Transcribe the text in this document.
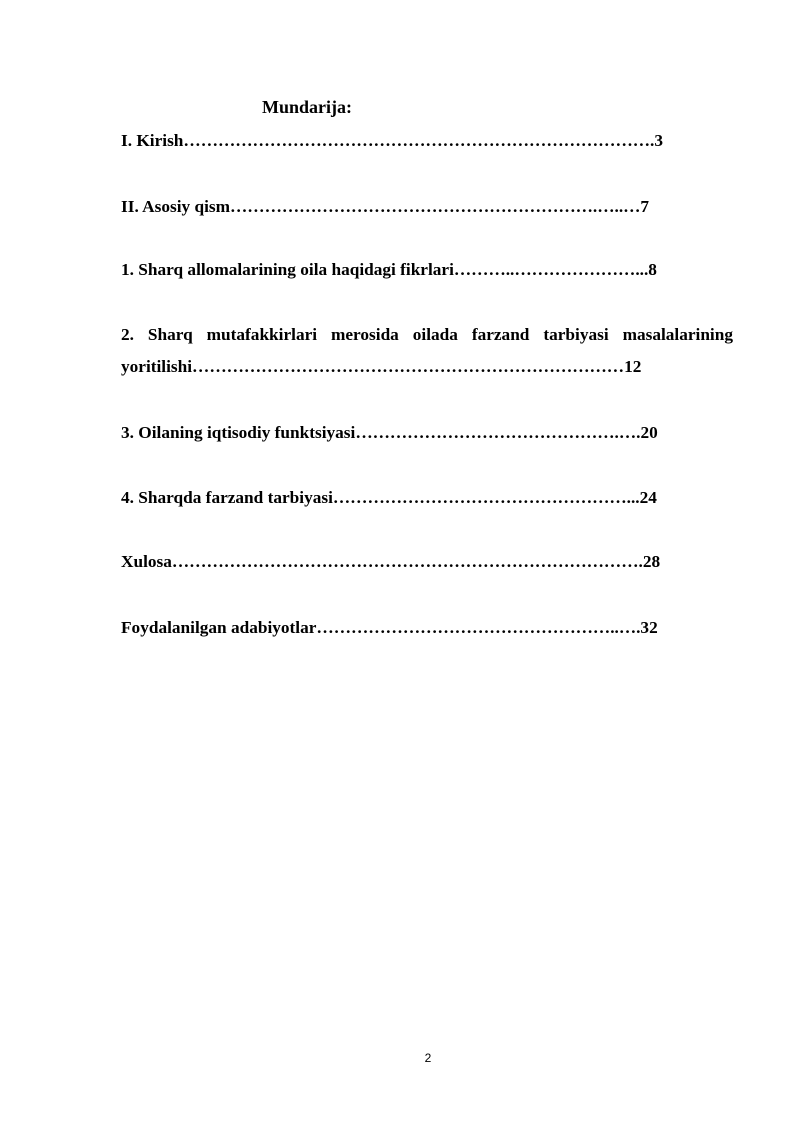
Mundarija:
I. Kirish……………………………………………………………………….3
II. Asosiy qism……………………………………………………….…..…7
1. Sharq allomalarining oila haqidagi fikrlari………..…………………...8
2. Sharq mutafakkirlari merosida oilada farzand tarbiyasi masalalarining
yoritilishi…………………………………………………………………12
3. Oilaning iqtisodiy funktsiyasi……………………………………….….20
4. Sharqda farzand tarbiyasi……………………………………………...24
Xulosa……………………………………………………………………….28
Foydalanilgan adabiyotlar……………………………………………..….32
2
